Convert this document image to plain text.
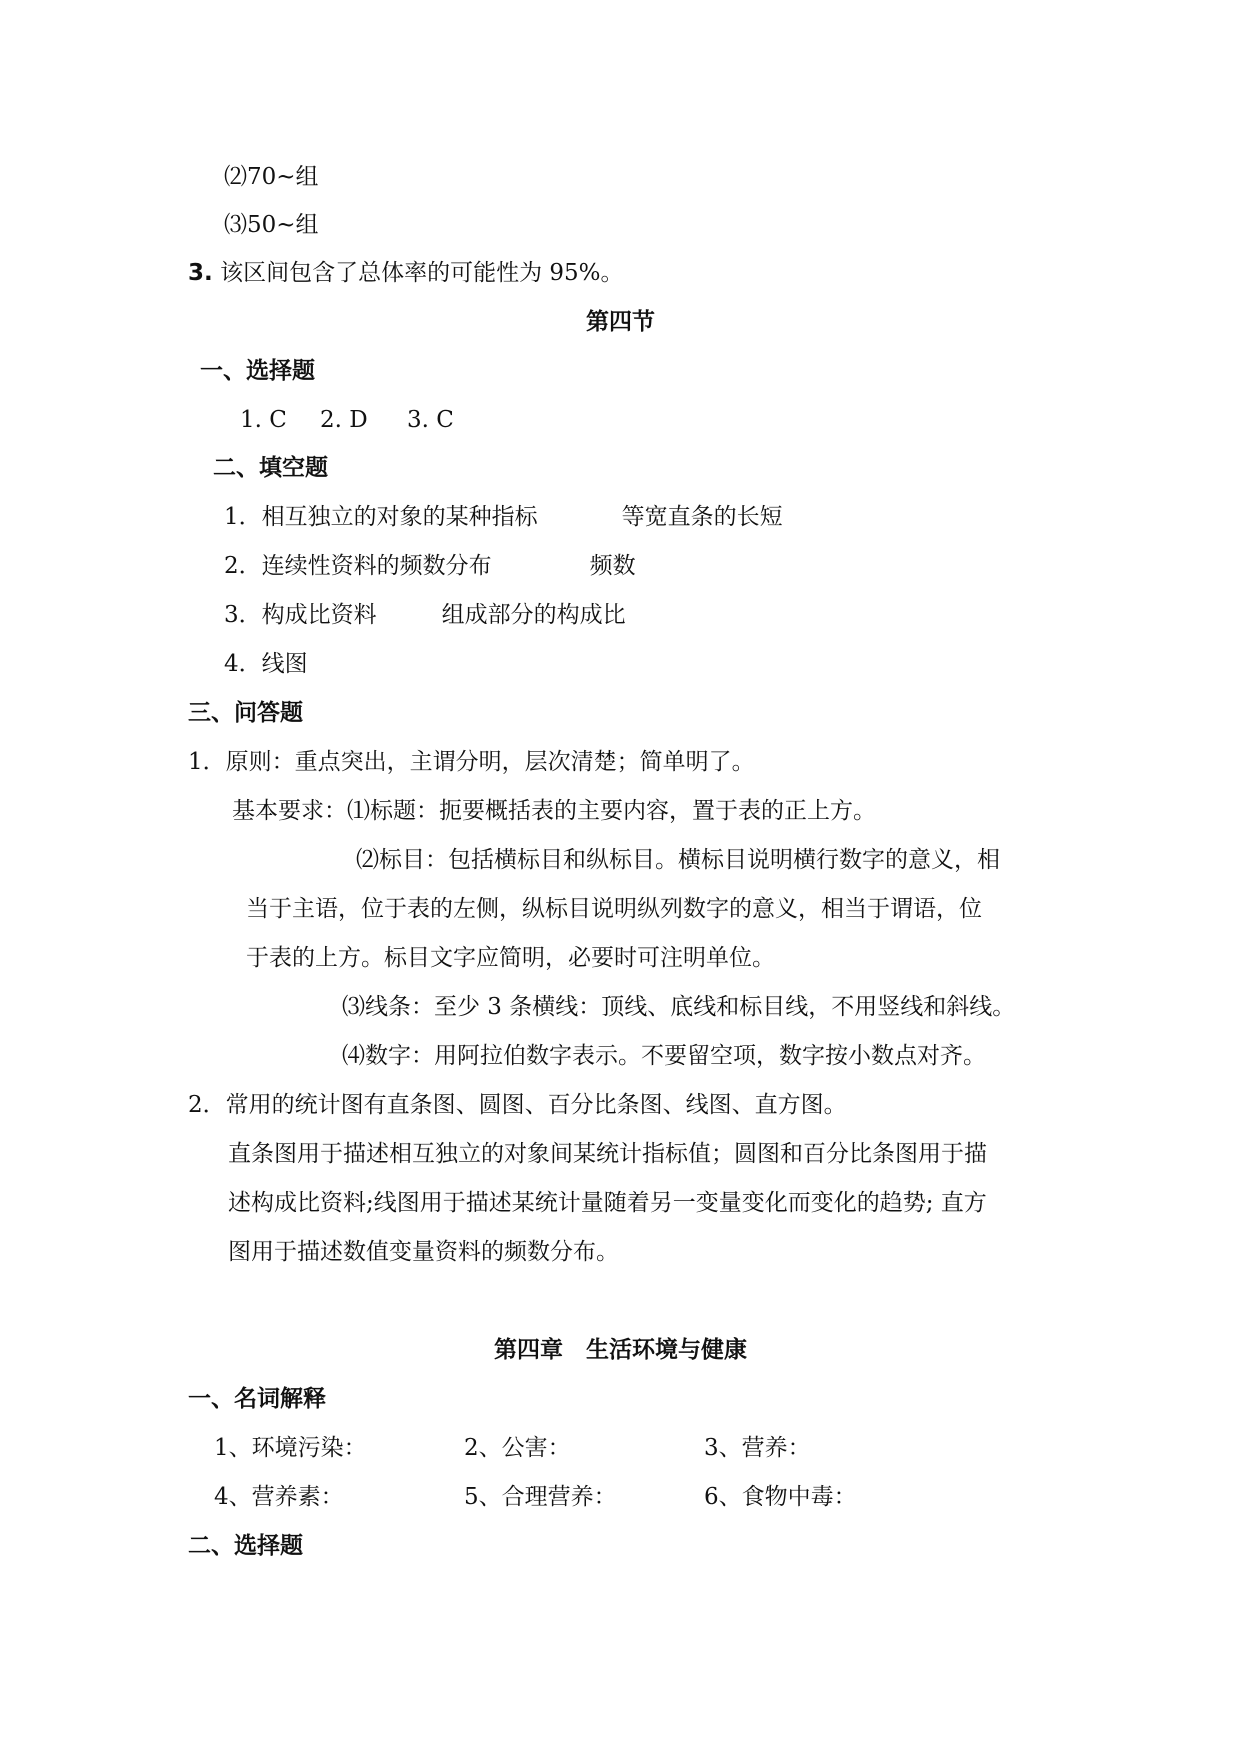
⑵70~组
⑶50~组
3. 该区间包含了总体率的可能性为 95%。
第四节
一、选择题
1. C 2. D 3. C
二、填空题
1．相互独立的对象的某种指标	等宽直条的长短
2．连续性资料的频数分布	频数
3．构成比资料	组成部分的构成比
4．线图
三、问答题
1．原则：重点突出，主谓分明，层次清楚；简单明了。
基本要求：⑴标题：扼要概括表的主要内容，置于表的正上方。
⑵标目：包括横标目和纵标目。横标目说明横行数字的意义，相
当于主语，位于表的左侧，纵标目说明纵列数字的意义，相当于谓语，位
于表的上方。标目文字应简明，必要时可注明单位。
⑶线条：至少 3 条横线：顶线、底线和标目线，不用竖线和斜线。
⑷数字：用阿拉伯数字表示。不要留空项，数字按小数点对齐。
2．常用的统计图有直条图、圆图、百分比条图、线图、直方图。
直条图用于描述相互独立的对象间某统计指标值；圆图和百分比条图用于描
述构成比资料;线图用于描述某统计量随着另一变量变化而变化的趋势; 直方
图用于描述数值变量资料的频数分布。
第四章　生活环境与健康
一、名词解释
1、环境污染：	2、公害：	3、营养：
4、营养素：	5、合理营养：	6、食物中毒：
二、选择题
